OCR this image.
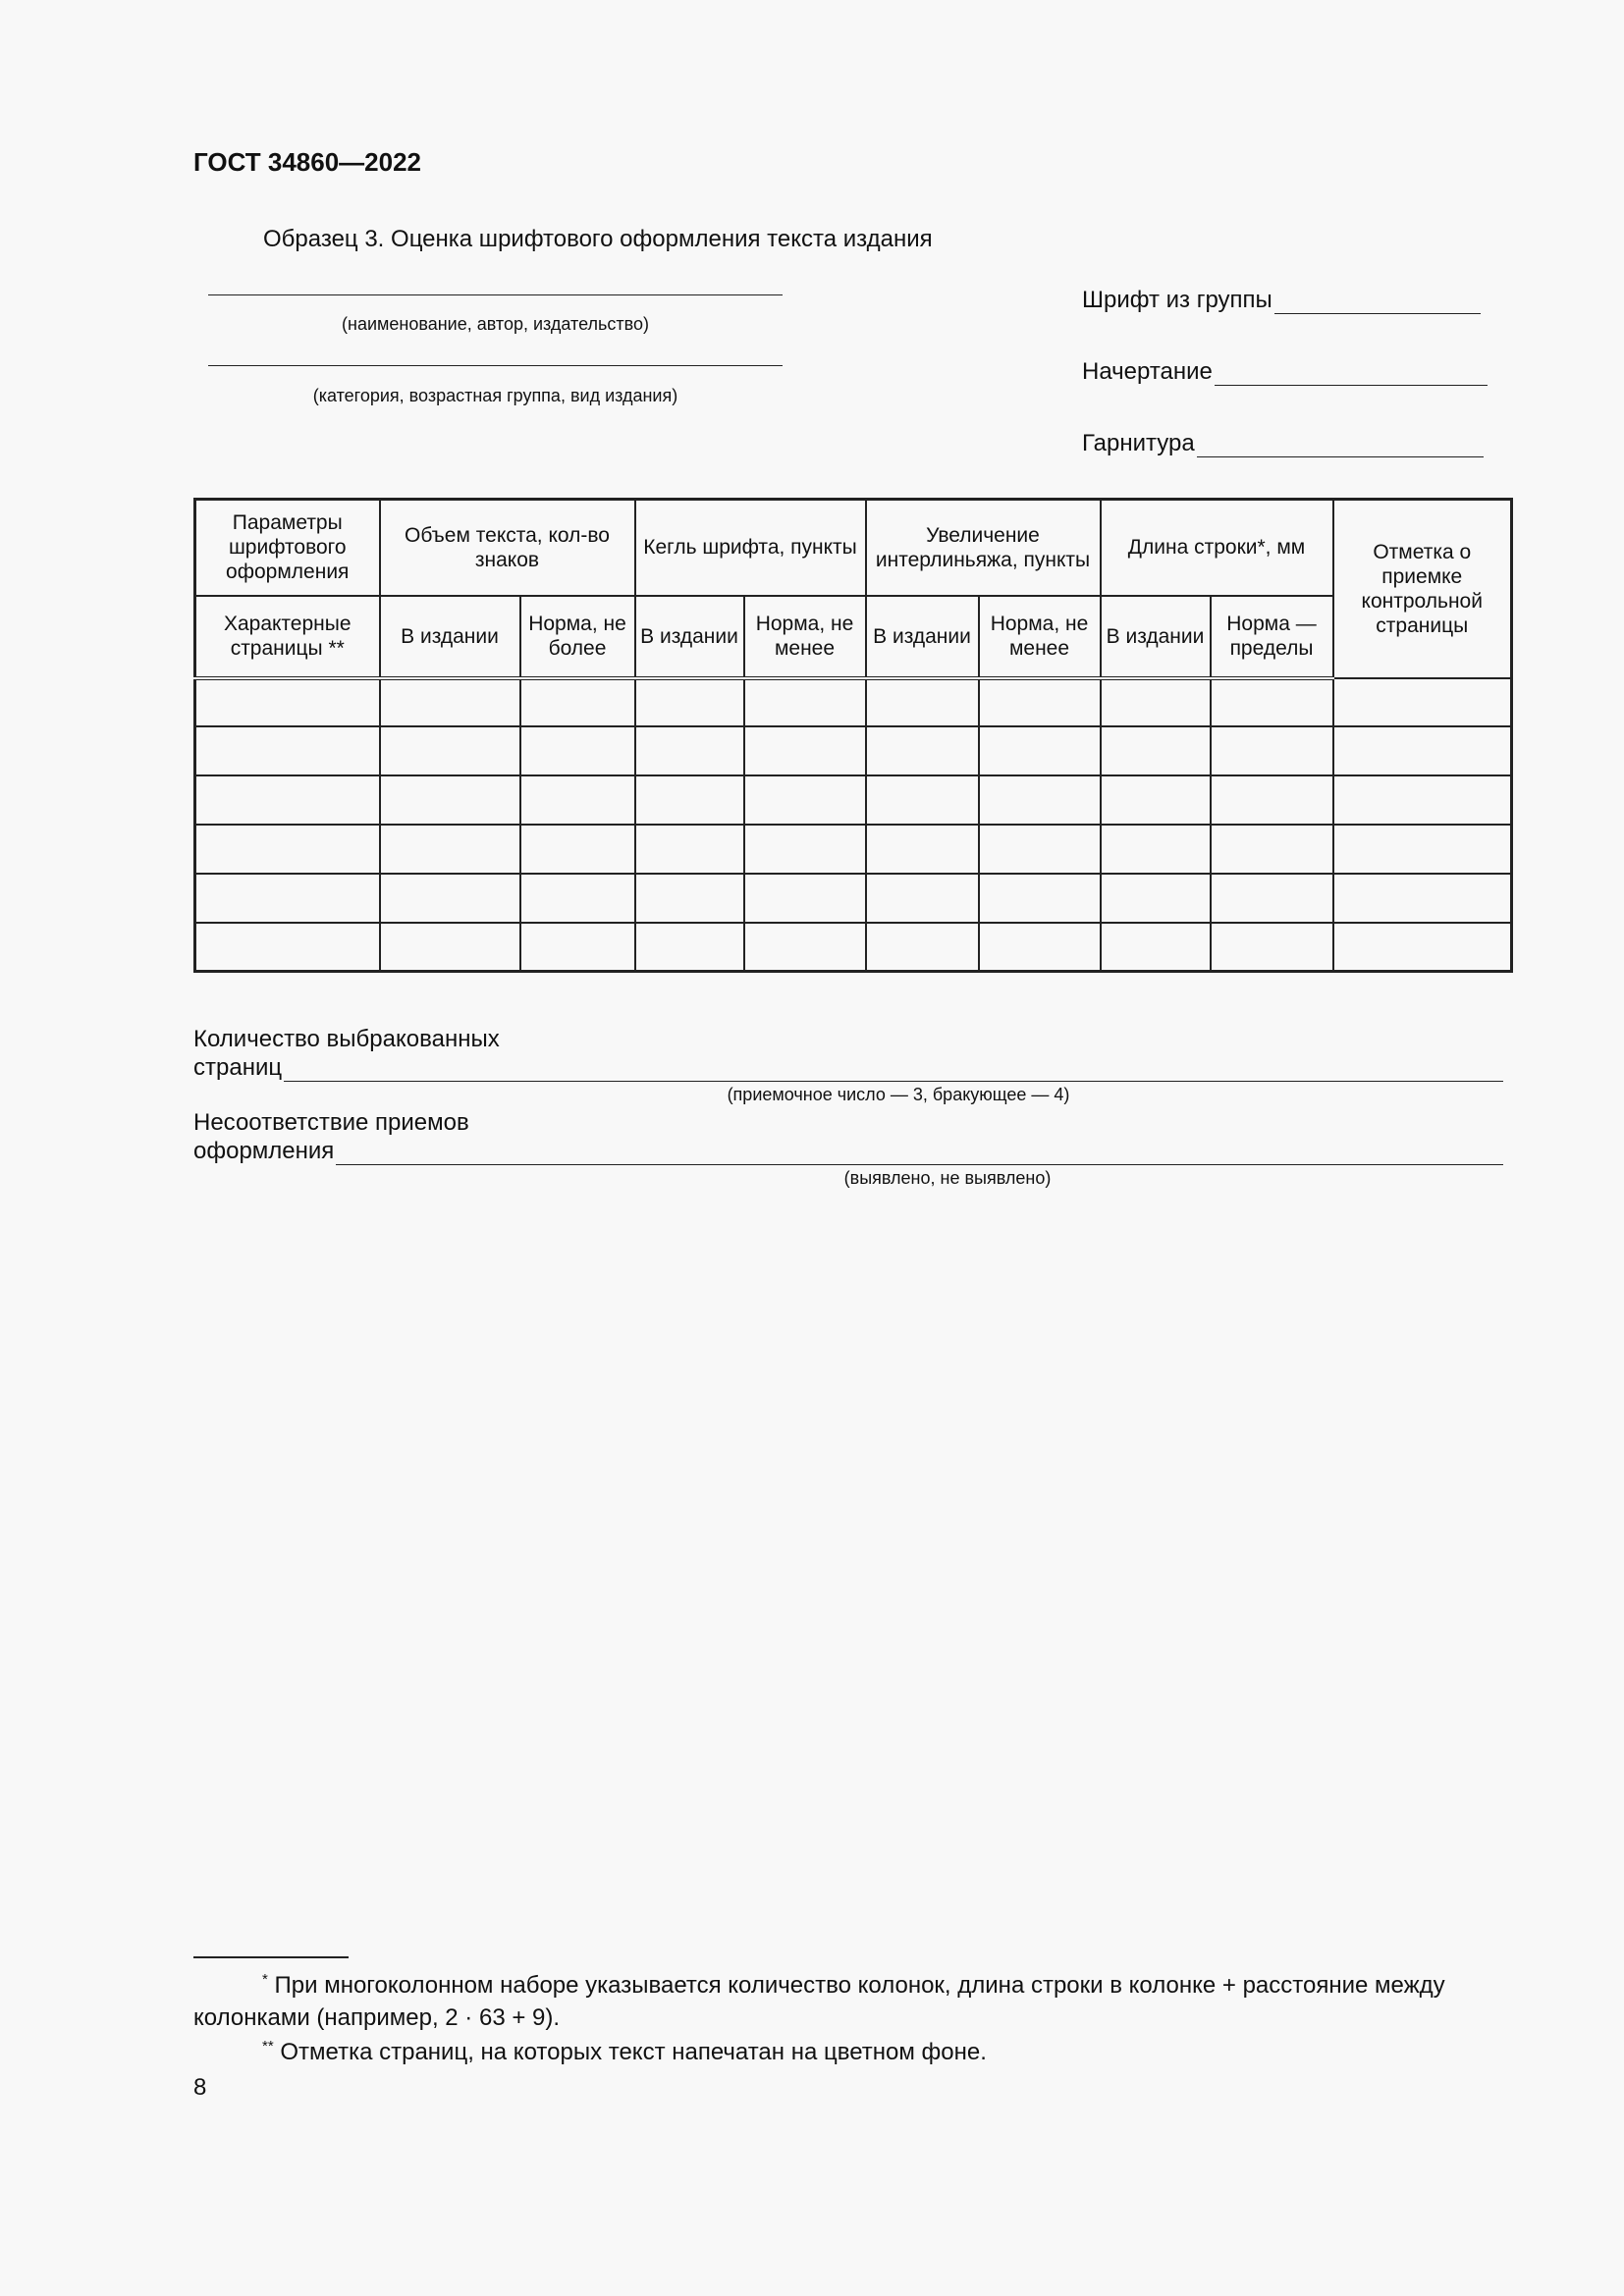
ГОСТ 34860—2022
Образец 3. Оценка шрифтового оформления текста издания
(наименование, автор, издательство)
(категория, возрастная группа, вид издания)
Шрифт из группы
Начертание
Гарнитура
Параметры шрифтового оформления	Объем текста, кол-во знаков		Кегль шрифта, пункты		Увеличение интерлиньяжа, пункты		Длина строки*, мм		Отметка о приемке контрольной страницы
Характерные страницы **	В издании	Норма, не более	В издании	Норма, не менее	В издании	Норма, не менее	В издании	Норма — пределы	

Количество выбракованных
страниц
(приемочное число — 3, бракующее — 4)
Несоответствие приемов
оформления
(выявлено, не выявлено)
* При многоколонном наборе указывается количество колонок, длина строки в колонке + расстояние между колонками (например, 2 · 63 + 9).
** Отметка страниц, на которых текст напечатан на цветном фоне.
8
